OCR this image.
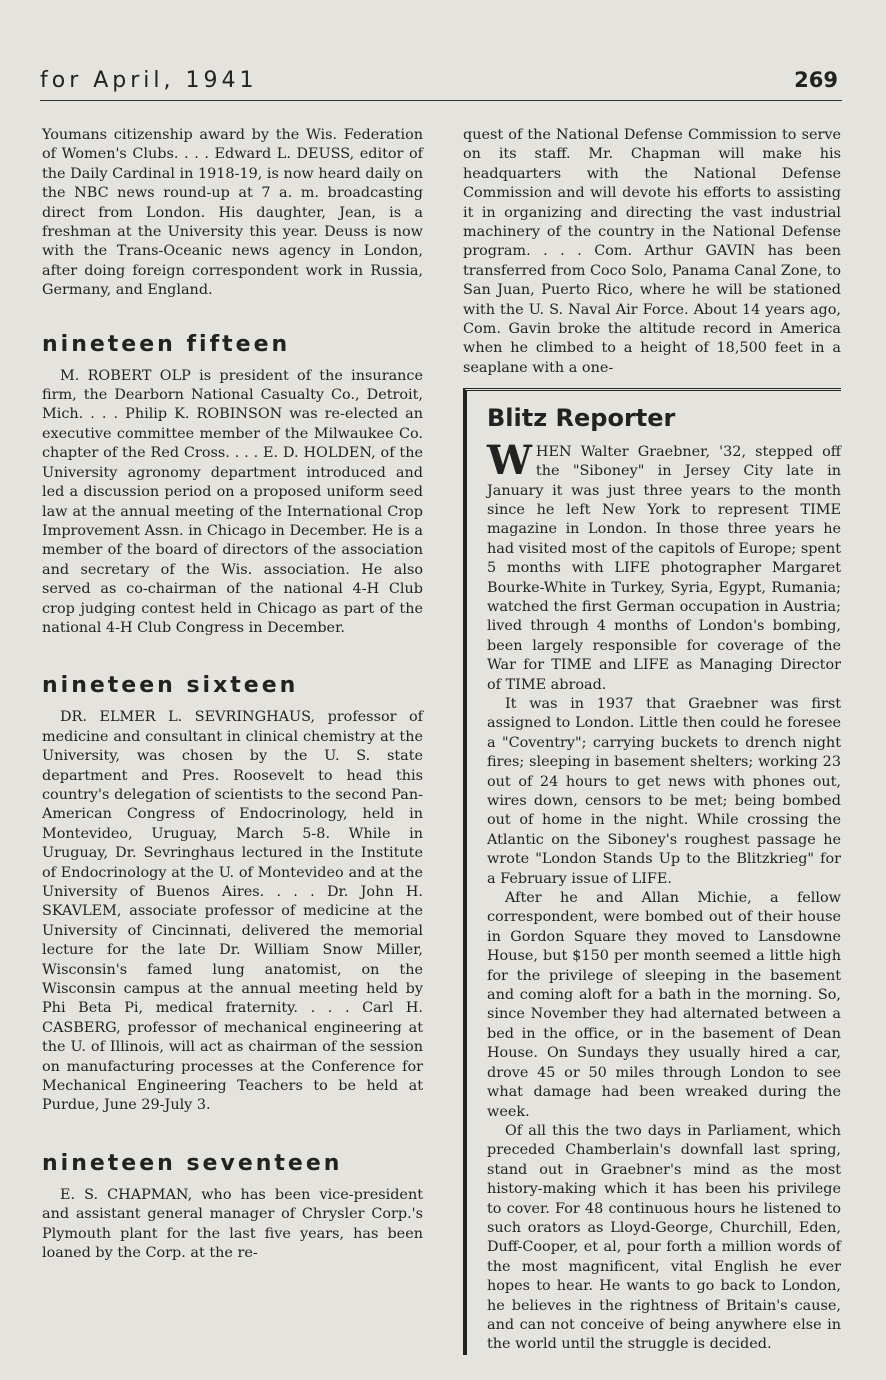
for April, 1941	269

Youmans citizenship award by the Wis. Federation of Women's Clubs. . . . Edward L. DEUSS, editor of the Daily Cardinal in 1918-19, is now heard daily on the NBC news round-up at 7 a. m. broadcasting direct from London. His daughter, Jean, is a freshman at the University this year. Deuss is now with the Trans-Oceanic news agency in London, after doing foreign correspondent work in Russia, Germany, and England.

nineteen fifteen

M. ROBERT OLP is president of the insurance firm, the Dearborn National Casualty Co., Detroit, Mich. . . . Philip K. ROBINSON was re-elected an executive committee member of the Milwaukee Co. chapter of the Red Cross. . . . E. D. HOLDEN, of the University agronomy department introduced and led a discussion period on a proposed uniform seed law at the annual meeting of the International Crop Improvement Assn. in Chicago in December. He is a member of the board of directors of the association and secretary of the Wis. association. He also served as co-chairman of the national 4-H Club crop judging contest held in Chicago as part of the national 4-H Club Congress in December.

nineteen sixteen

DR. ELMER L. SEVRINGHAUS, professor of medicine and consultant in clinical chemistry at the University, was chosen by the U. S. state department and Pres. Roosevelt to head this country's delegation of scientists to the second Pan-American Congress of Endocrinology, held in Montevideo, Uruguay, March 5-8. While in Uruguay, Dr. Sevringhaus lectured in the Institute of Endocrinology at the U. of Montevideo and at the University of Buenos Aires. . . . Dr. John H. SKAVLEM, associate professor of medicine at the University of Cincinnati, delivered the memorial lecture for the late Dr. William Snow Miller, Wisconsin's famed lung anatomist, on the Wisconsin campus at the annual meeting held by Phi Beta Pi, medical fraternity. . . . Carl H. CASBERG, professor of mechanical engineering at the U. of Illinois, will act as chairman of the session on manufacturing processes at the Conference for Mechanical Engineering Teachers to be held at Purdue, June 29-July 3.

nineteen seventeen

E. S. CHAPMAN, who has been vice-president and assistant general manager of Chrysler Corp.'s Plymouth plant for the last five years, has been loaned by the Corp. at the re-

quest of the National Defense Commission to serve on its staff. Mr. Chapman will make his headquarters with the National Defense Commission and will devote his efforts to assisting it in organizing and directing the vast industrial machinery of the country in the National Defense program. . . . Com. Arthur GAVIN has been transferred from Coco Solo, Panama Canal Zone, to San Juan, Puerto Rico, where he will be stationed with the U. S. Naval Air Force. About 14 years ago, Com. Gavin broke the altitude record in America when he climbed to a height of 18,500 feet in a seaplane with a one-

Blitz Reporter

WHEN Walter Graebner, '32, stepped off the "Siboney" in Jersey City late in January it was just three years to the month since he left New York to represent TIME magazine in London. In those three years he had visited most of the capitols of Europe; spent 5 months with LIFE photographer Margaret Bourke-White in Turkey, Syria, Egypt, Rumania; watched the first German occupation in Austria; lived through 4 months of London's bombing, been largely responsible for coverage of the War for TIME and LIFE as Managing Director of TIME abroad.

It was in 1937 that Graebner was first assigned to London. Little then could he foresee a "Coventry"; carrying buckets to drench night fires; sleeping in basement shelters; working 23 out of 24 hours to get news with phones out, wires down, censors to be met; being bombed out of home in the night. While crossing the Atlantic on the Siboney's roughest passage he wrote "London Stands Up to the Blitzkrieg" for a February issue of LIFE.

After he and Allan Michie, a fellow correspondent, were bombed out of their house in Gordon Square they moved to Lansdowne House, but $150 per month seemed a little high for the privilege of sleeping in the basement and coming aloft for a bath in the morning. So, since November they had alternated between a bed in the office, or in the basement of Dean House. On Sundays they usually hired a car, drove 45 or 50 miles through London to see what damage had been wreaked during the week.

Of all this the two days in Parliament, which preceded Chamberlain's downfall last spring, stand out in Graebner's mind as the most history-making which it has been his privilege to cover. For 48 continuous hours he listened to such orators as Lloyd-George, Churchill, Eden, Duff-Cooper, et al, pour forth a million words of the most magnificent, vital English he ever hopes to hear. He wants to go back to London, he believes in the rightness of Britain's cause, and can not conceive of being anywhere else in the world until the struggle is decided.
